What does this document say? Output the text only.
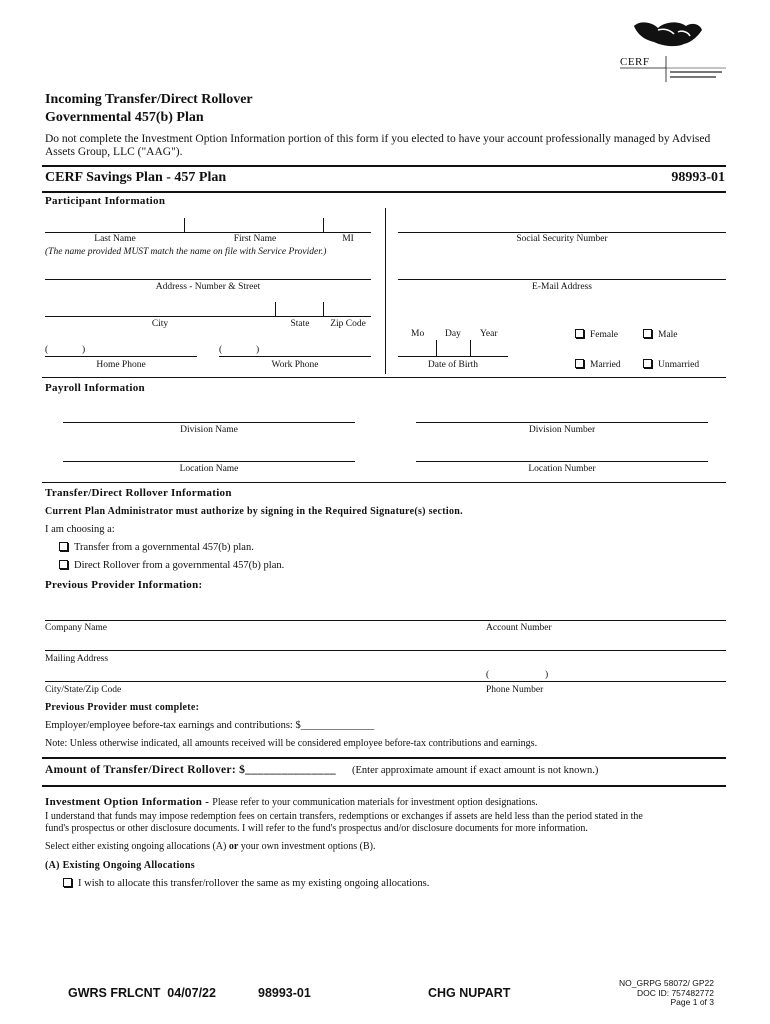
CERF
Incoming Transfer/Direct Rollover
Governmental 457(b) Plan
Do not complete the Investment Option Information portion of this form if you elected to have your account professionally managed by Advised Assets Group, LLC ("AAG").
CERF Savings Plan - 457 Plan	98993-01
Participant Information
Last Name	First Name	MI
(The name provided MUST match the name on file with Service Provider.)
Social Security Number
Address - Number & Street	E-Mail Address
City	State	Zip Code
Mo Day Year
Date of Birth
Female	Male
Married	Unmarried
(	)
Home Phone
(	)
Work Phone
Payroll Information
Division Name	Division Number
Location Name	Location Number
Transfer/Direct Rollover Information
Current Plan Administrator must authorize by signing in the Required Signature(s) section.
I am choosing a:
Transfer from a governmental 457(b) plan.
Direct Rollover from a governmental 457(b) plan.
Previous Provider Information:
Company Name	Account Number
Mailing Address
(	)
City/State/Zip Code	Phone Number
Previous Provider must complete:
Employer/employee before-tax earnings and contributions: $______________
Note: Unless otherwise indicated, all amounts received will be considered employee before-tax contributions and earnings.
Amount of Transfer/Direct Rollover: $_______________ (Enter approximate amount if exact amount is not known.)
Investment Option Information - Please refer to your communication materials for investment option designations.
I understand that funds may impose redemption fees on certain transfers, redemptions or exchanges if assets are held less than the period stated in the
fund's prospectus or other disclosure documents. I will refer to the fund's prospectus and/or disclosure documents for more information.
Select either existing ongoing allocations (A) or your own investment options (B).
(A) Existing Ongoing Allocations
I wish to allocate this transfer/rollover the same as my existing ongoing allocations.
GWRS FRLCNT  04/07/22	98993-01	CHG NUPART
NO_GRPG 58072/ GP22
DOC ID: 757482772
Page 1 of 3
